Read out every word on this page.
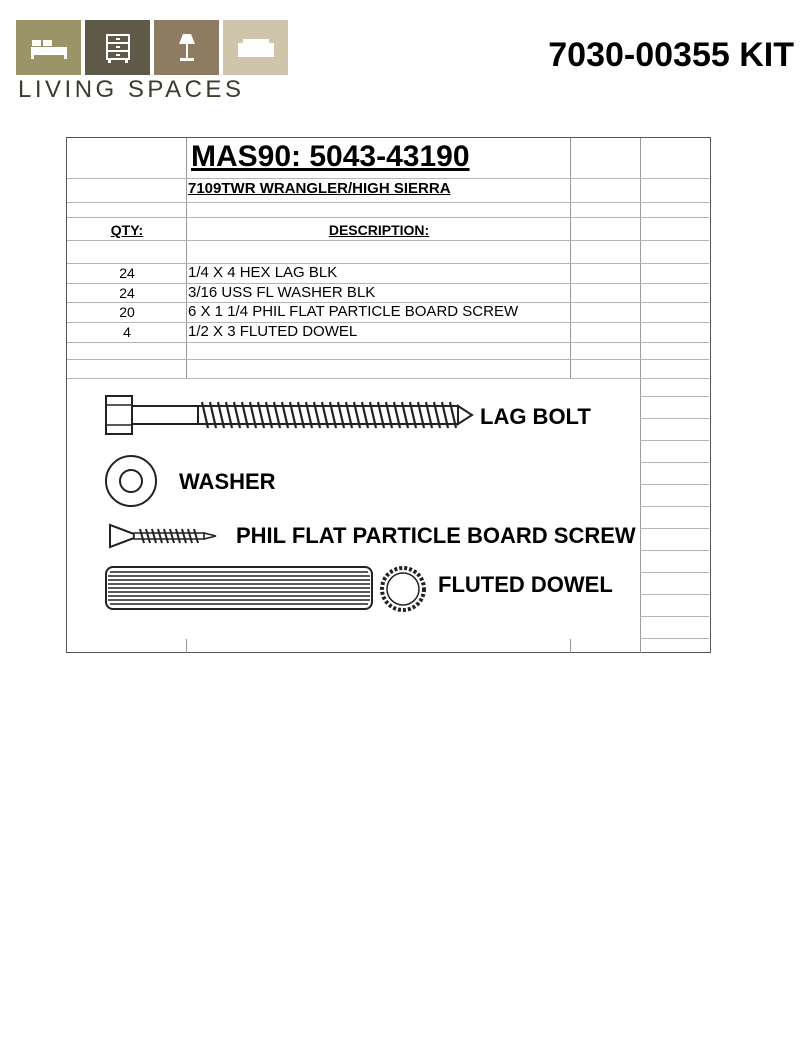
LIVING SPACES
7030-00355 KIT
MAS90: 5043-43190
7109TWR WRANGLER/HIGH SIERRA
QTY:	DESCRIPTION:
24	1/4 X 4 HEX LAG BLK
24	3/16 USS FL WASHER BLK
20	6 X 1 1/4 PHIL FLAT PARTICLE BOARD SCREW
4	1/2 X 3 FLUTED DOWEL
LAG BOLT
WASHER
PHIL FLAT PARTICLE BOARD SCREW
FLUTED DOWEL
